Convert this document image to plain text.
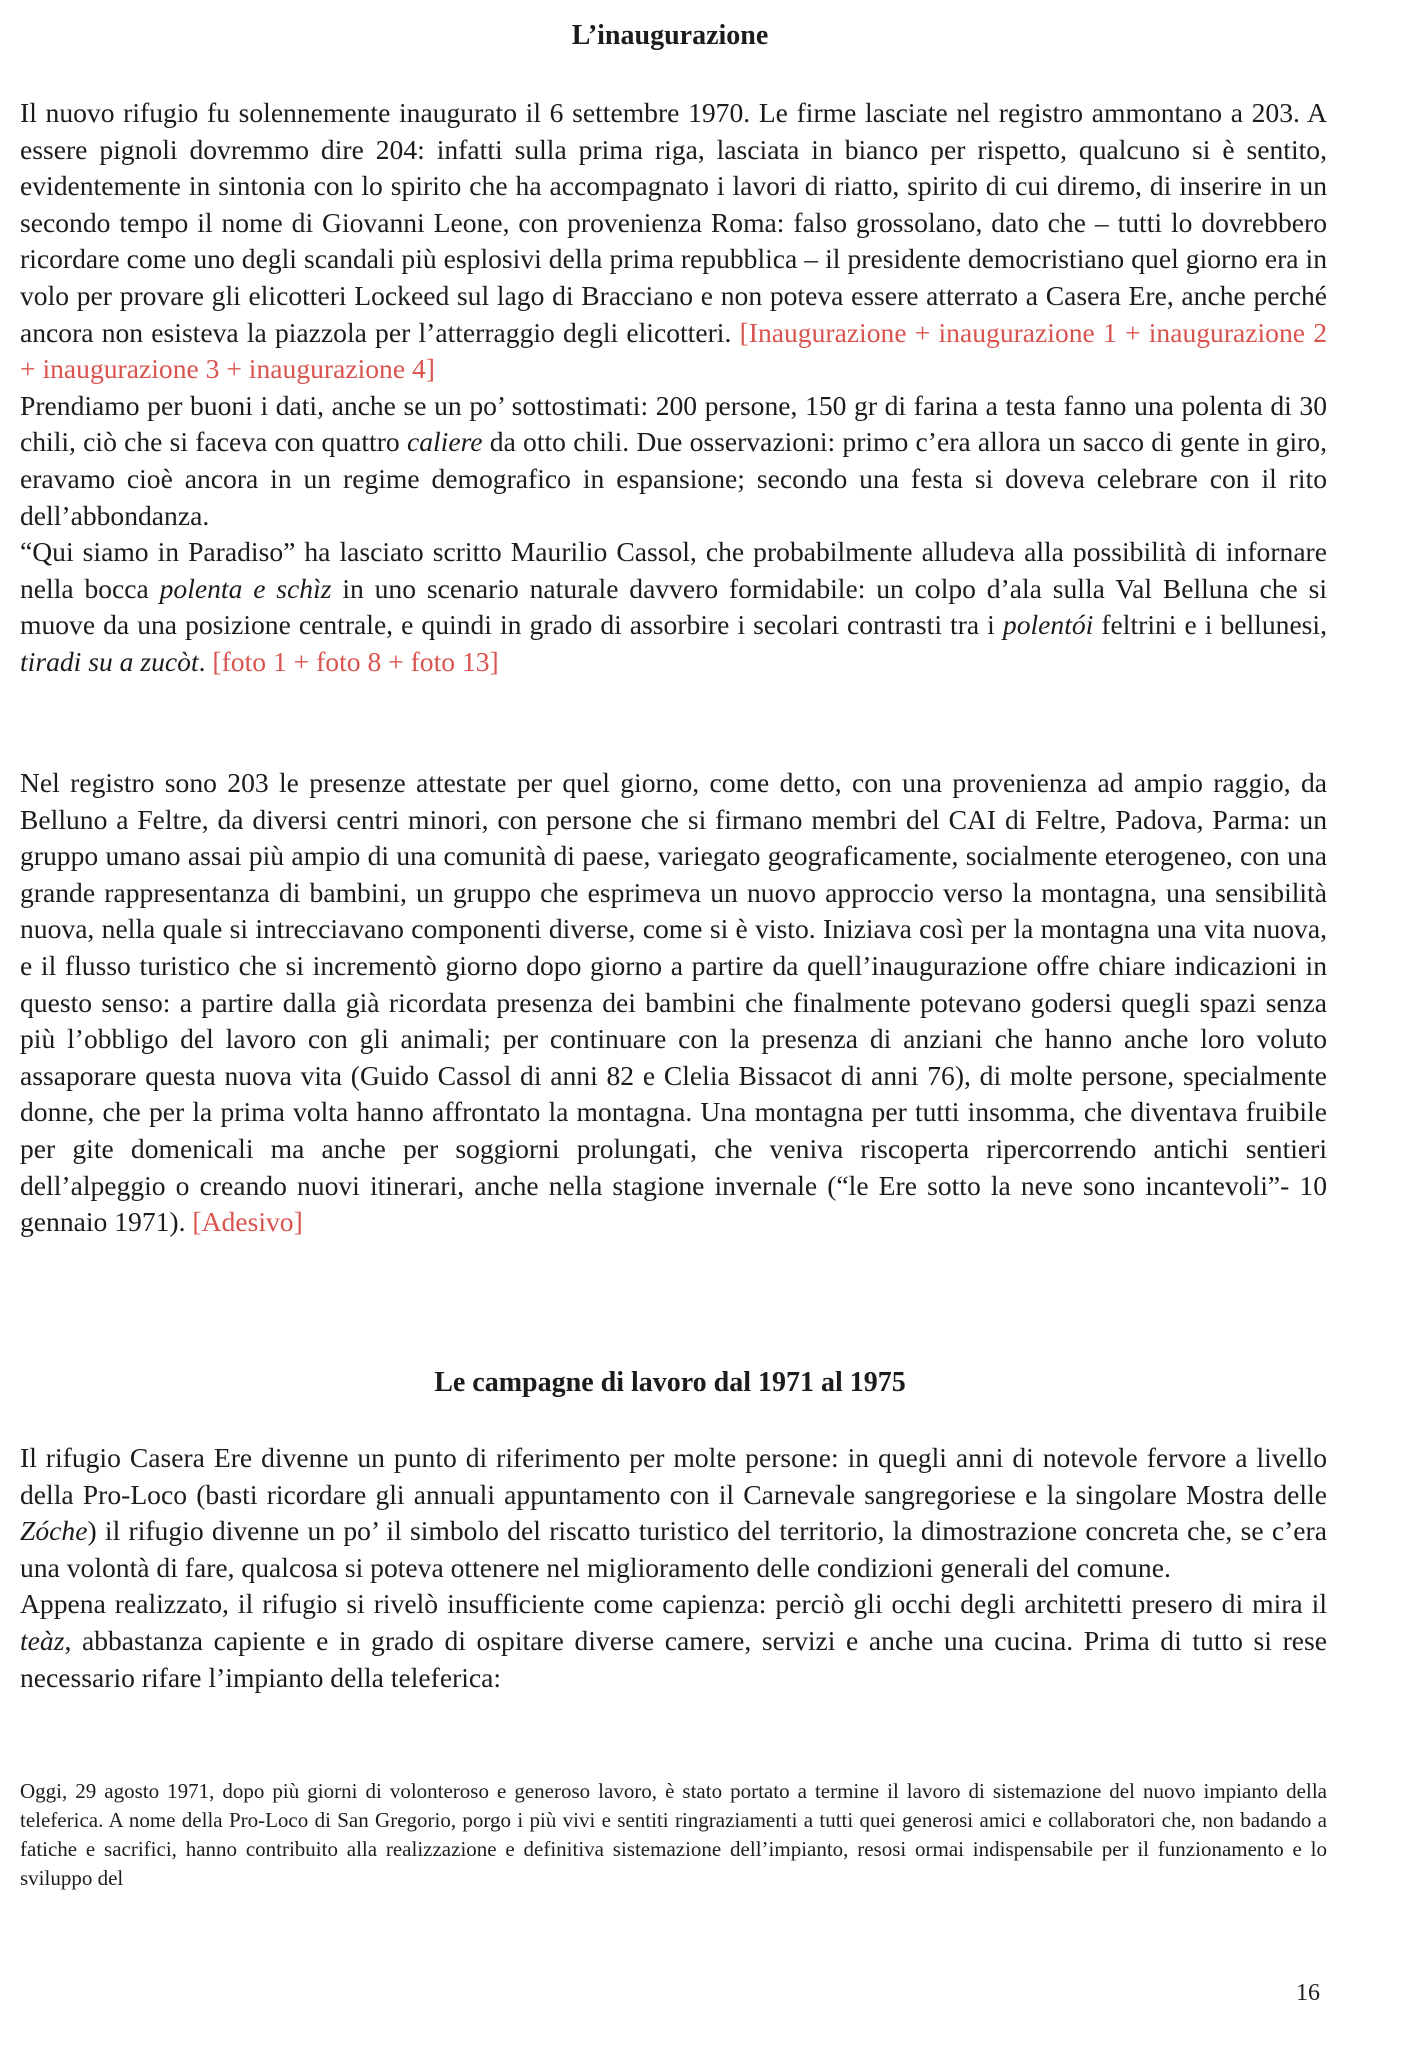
L’inaugurazione

Il nuovo rifugio fu solennemente inaugurato il 6 settembre 1970. Le firme lasciate nel registro ammontano a 203. A essere pignoli dovremmo dire 204: infatti sulla prima riga, lasciata in bianco per rispetto, qualcuno si è sentito, evidentemente in sintonia con lo spirito che ha accompagnato i lavori di riatto, spirito di cui diremo, di inserire in un secondo tempo il nome di Giovanni Leone, con provenienza Roma: falso grossolano, dato che – tutti lo dovrebbero ricordare come uno degli scandali più esplosivi della prima repubblica – il presidente democristiano quel giorno era in volo per provare gli elicotteri Lockeed sul lago di Bracciano e non poteva essere atterrato a Casera Ere, anche perché ancora non esisteva la piazzola per l’atterraggio degli elicotteri. [Inaugurazione + inaugurazione 1 + inaugurazione 2 + inaugurazione 3 + inaugurazione 4]

Prendiamo per buoni i dati, anche se un po’ sottostimati: 200 persone, 150 gr di farina a testa fanno una polenta di 30 chili, ciò che si faceva con quattro caliere da otto chili. Due osservazioni: primo c’era allora un sacco di gente in giro, eravamo cioè ancora in un regime demografico in espansione; secondo una festa si doveva celebrare con il rito dell’abbondanza.

“Qui siamo in Paradiso” ha lasciato scritto Maurilio Cassol, che probabilmente alludeva alla possibilità di infornare nella bocca polenta e schìz in uno scenario naturale davvero formidabile: un colpo d’ala sulla Val Belluna che si muove da una posizione centrale, e quindi in grado di assorbire i secolari contrasti tra i polentói feltrini e i bellunesi, tiradi su a zucòt. [foto 1 + foto 8 + foto 13]

Nel registro sono 203 le presenze attestate per quel giorno, come detto, con una provenienza ad ampio raggio, da Belluno a Feltre, da diversi centri minori, con persone che si firmano membri del CAI di Feltre, Padova, Parma: un gruppo umano assai più ampio di una comunità di paese, variegato geograficamente, socialmente eterogeneo, con una grande rappresentanza di bambini, un gruppo che esprimeva un nuovo approccio verso la montagna, una sensibilità nuova, nella quale si intrecciavano componenti diverse, come si è visto. Iniziava così per la montagna una vita nuova, e il flusso turistico che si incrementò giorno dopo giorno a partire da quell’inaugurazione offre chiare indicazioni in questo senso: a partire dalla già ricordata presenza dei bambini che finalmente potevano godersi quegli spazi senza più l’obbligo del lavoro con gli animali; per continuare con la presenza di anziani che hanno anche loro voluto assaporare questa nuova vita (Guido Cassol di anni 82 e Clelia Bissacot di anni 76), di molte persone, specialmente donne, che per la prima volta hanno affrontato la montagna. Una montagna per tutti insomma, che diventava fruibile per gite domenicali ma anche per soggiorni prolungati, che veniva riscoperta ripercorrendo antichi sentieri dell’alpeggio o creando nuovi itinerari, anche nella stagione invernale (“le Ere sotto la neve sono incantevoli”- 10 gennaio 1971). [Adesivo]

Le campagne di lavoro dal 1971 al 1975

Il rifugio Casera Ere divenne un punto di riferimento per molte persone: in quegli anni di notevole fervore a livello della Pro-Loco (basti ricordare gli annuali appuntamento con il Carnevale sangregoriese e la singolare Mostra delle Zóche) il rifugio divenne un po’ il simbolo del riscatto turistico del territorio, la dimostrazione concreta che, se c’era una volontà di fare, qualcosa si poteva ottenere nel miglioramento delle condizioni generali del comune.

Appena realizzato, il rifugio si rivelò insufficiente come capienza: perciò gli occhi degli architetti presero di mira il teàz, abbastanza capiente e in grado di ospitare diverse camere, servizi e anche una cucina. Prima di tutto si rese necessario rifare l’impianto della teleferica:

Oggi, 29 agosto 1971, dopo più giorni di volonteroso e generoso lavoro, è stato portato a termine il lavoro di sistemazione del nuovo impianto della teleferica. A nome della Pro-Loco di San Gregorio, porgo i più vivi e sentiti ringraziamenti a tutti quei generosi amici e collaboratori che, non badando a fatiche e sacrifici, hanno contribuito alla realizzazione e definitiva sistemazione dell’impianto, resosi ormai indispensabile per il funzionamento e lo sviluppo del

16
